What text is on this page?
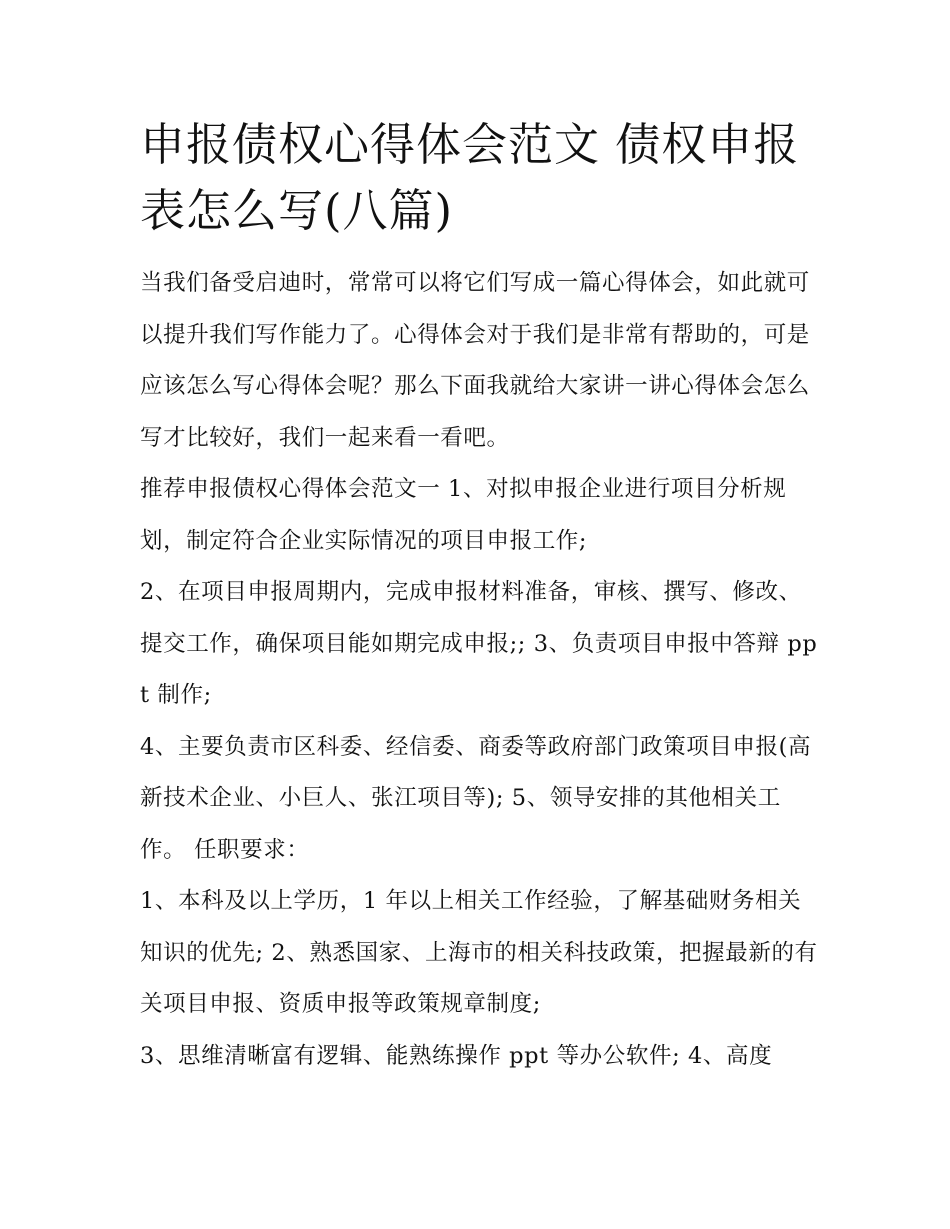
申报债权心得体会范文 债权申报表怎么写(八篇)

当我们备受启迪时，常常可以将它们写成一篇心得体会，如此就可以提升我们写作能力了。心得体会对于我们是非常有帮助的，可是应该怎么写心得体会呢？那么下面我就给大家讲一讲心得体会怎么写才比较好，我们一起来看一看吧。

推荐申报债权心得体会范文一 1、对拟申报企业进行项目分析规划，制定符合企业实际情况的项目申报工作;

2、在项目申报周期内，完成申报材料准备，审核、撰写、修改、提交工作，确保项目能如期完成申报;; 3、负责项目申报中答辩 ppt 制作;

4、主要负责市区科委、经信委、商委等政府部门政策项目申报(高新技术企业、小巨人、张江项目等); 5、领导安排的其他相关工作。 任职要求：

1、本科及以上学历，1 年以上相关工作经验，了解基础财务相关知识的优先; 2、熟悉国家、上海市的相关科技政策，把握最新的有关项目申报、资质申报等政策规章制度;

3、思维清晰富有逻辑、能熟练操作 ppt 等办公软件; 4、高度
